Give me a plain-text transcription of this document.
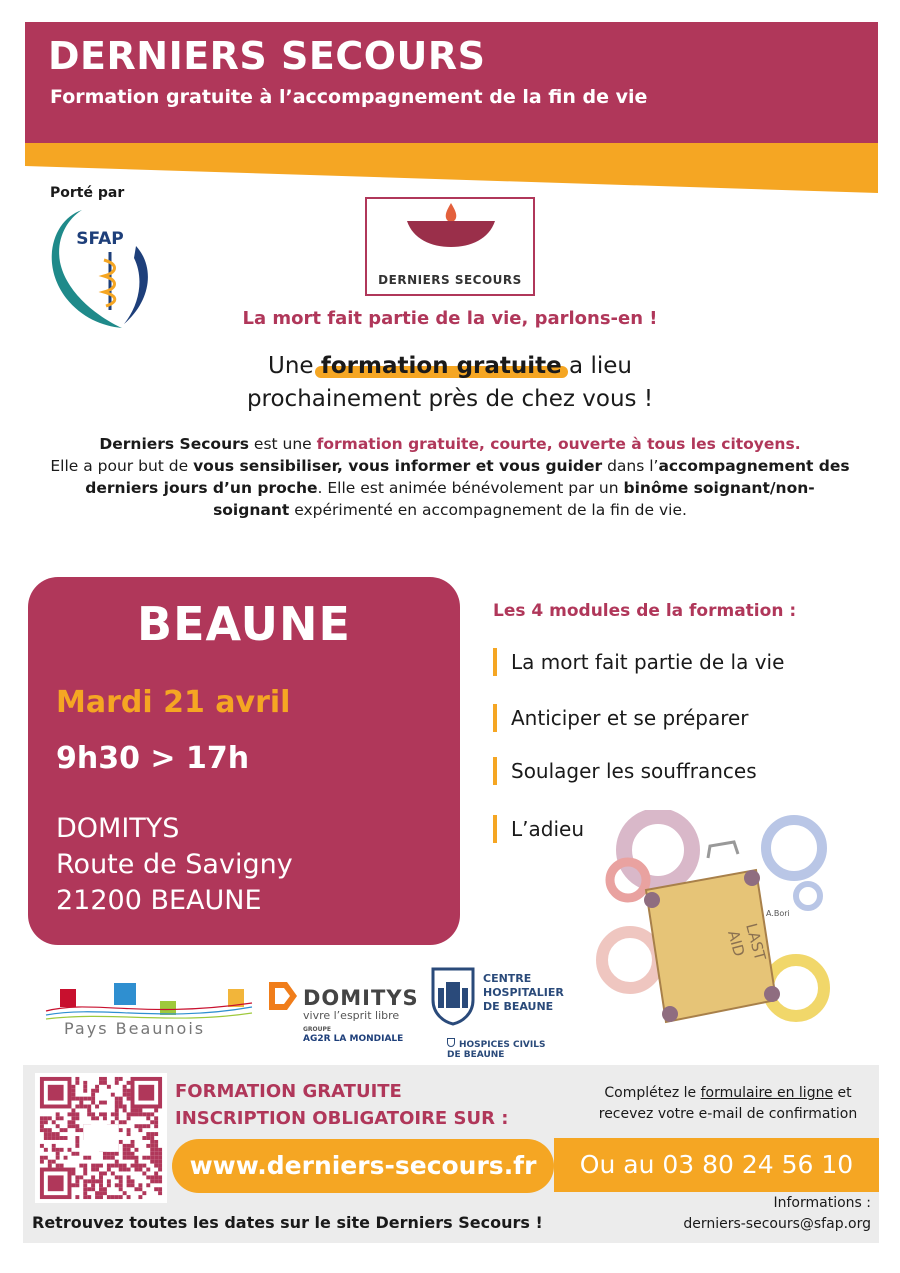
DERNIERS SECOURS
Formation gratuite à l’accompagnement de la fin de vie
Porté par
SFAP
DERNIERS SECOURS
La mort fait partie de la vie, parlons-en !
Une formation gratuite a lieu
prochainement près de chez vous !
Derniers Secours est une formation gratuite, courte, ouverte à tous les citoyens.
Elle a pour but de vous sensibiliser, vous informer et vous guider dans l’accompagnement des derniers jours d’un proche. Elle est animée bénévolement par un binôme soignant/non-soignant expérimenté en accompagnement de la fin de vie.
BEAUNE
Mardi 21 avril
9h30 > 17h
DOMITYS
Route de Savigny
21200 BEAUNE
Les 4 modules de la formation :
La mort fait partie de la vie
Anticiper et se préparer
Soulager les souffrances
L’adieu
LAST
AID
A.Bori
Pays Beaunois
DOMITYS
vivre l’esprit libre
GROUPE
AG2R LA MONDIALE
CENTRE
HOSPITALIER
DE BEAUNE
HOSPICES CIVILS DE BEAUNE
FORMATION GRATUITE
INSCRIPTION OBLIGATOIRE SUR :
Complétez le formulaire en ligne et
recevez votre e-mail de confirmation
www.derniers-secours.fr	Ou au 03 80 24 56 10
Retrouvez toutes les dates sur le site Derniers Secours !
Informations :
derniers-secours@sfap.org
